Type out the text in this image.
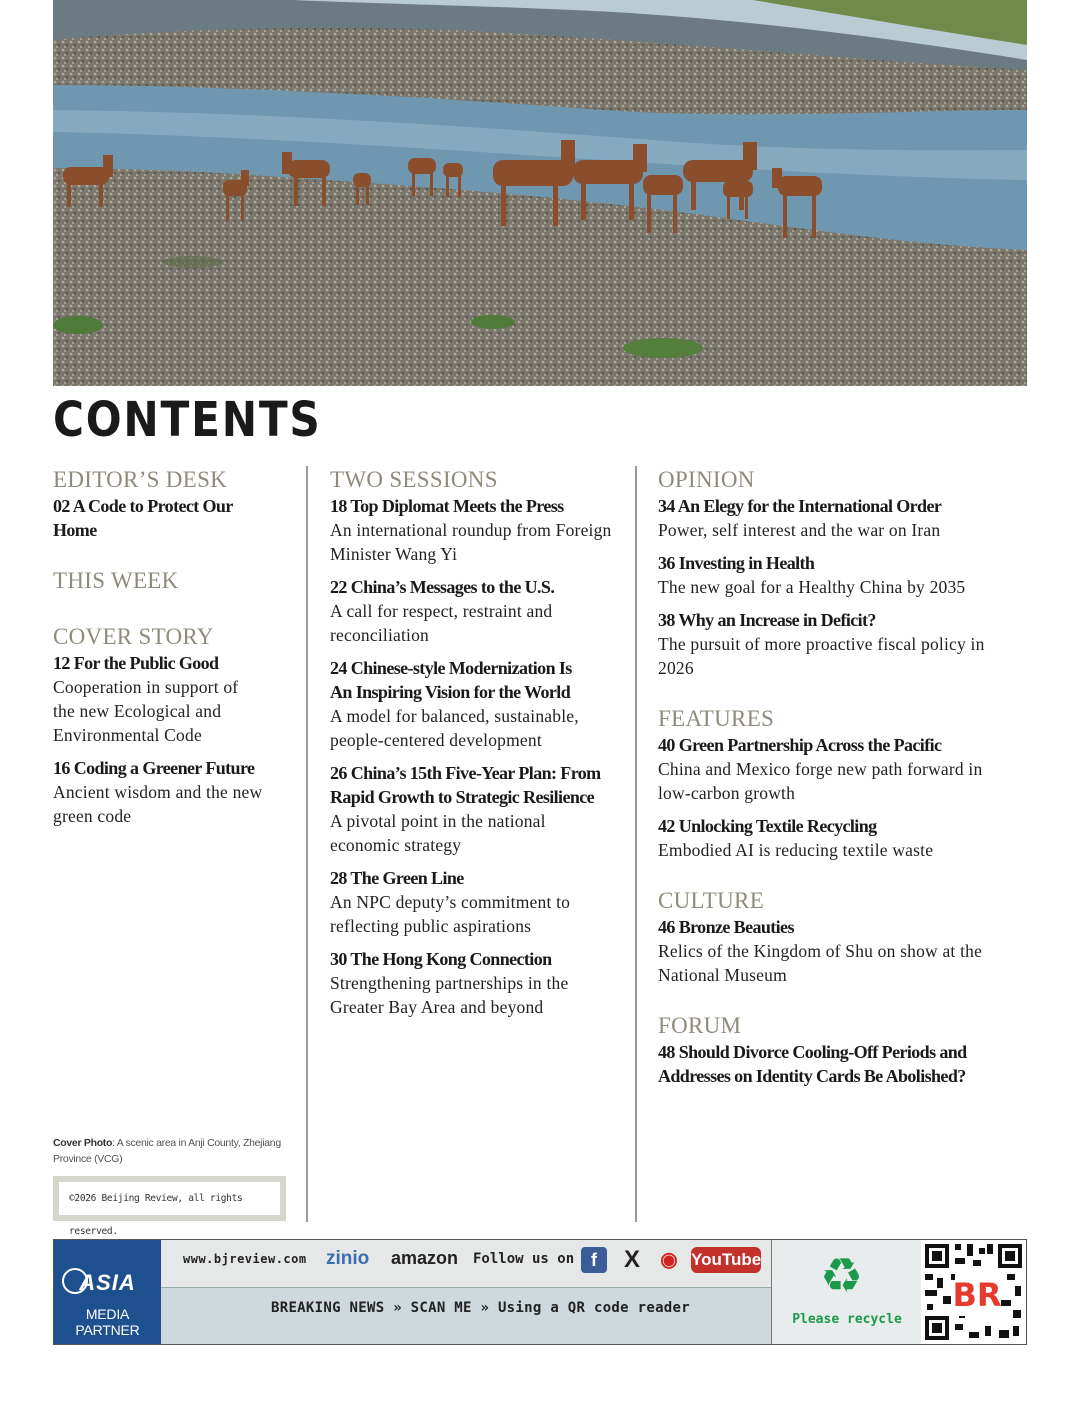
CONTENTS
EDITOR’S DESK
02 A Code to Protect Our Home
THIS WEEK
COVER STORY
12 For the Public Good
Cooperation in support of the new Ecological and Environmental Code
16 Coding a Greener Future
Ancient wisdom and the new green code
TWO SESSIONS
18 Top Diplomat Meets the Press
An international roundup from Foreign Minister Wang Yi
22 China’s Messages to the U.S.
A call for respect, restraint and reconciliation
24 Chinese-style Modernization Is An Inspiring Vision for the World
A model for balanced, sustainable, people-centered development
26 China’s 15th Five-Year Plan: From Rapid Growth to Strategic Resilience
A pivotal point in the national economic strategy
28 The Green Line
An NPC deputy’s commitment to reflecting public aspirations
30 The Hong Kong Connection
Strengthening partnerships in the Greater Bay Area and beyond
OPINION
34 An Elegy for the International Order
Power, self interest and the war on Iran
36 Investing in Health
The new goal for a Healthy China by 2035
38 Why an Increase in Deficit?
The pursuit of more proactive fiscal policy in 2026
FEATURES
40 Green Partnership Across the Pacific
China and Mexico forge new path forward in low-carbon growth
42 Unlocking Textile Recycling
Embodied AI is reducing textile waste
CULTURE
46 Bronze Beauties
Relics of the Kingdom of Shu on show at the National Museum
FORUM
48 Should Divorce Cooling-Off Periods and Addresses on Identity Cards Be Abolished?
Cover Photo: A scenic area in Anji County, Zhejiang Province (VCG)
©2026 Beijing Review, all rights reserved.
ASIA
MEDIA PARTNER
www.bjreview.com zinio amazon Follow us on f	X ◉ YouTube
BREAKING NEWS » SCAN ME » Using a QR code reader
♻
Please recycle
BR
